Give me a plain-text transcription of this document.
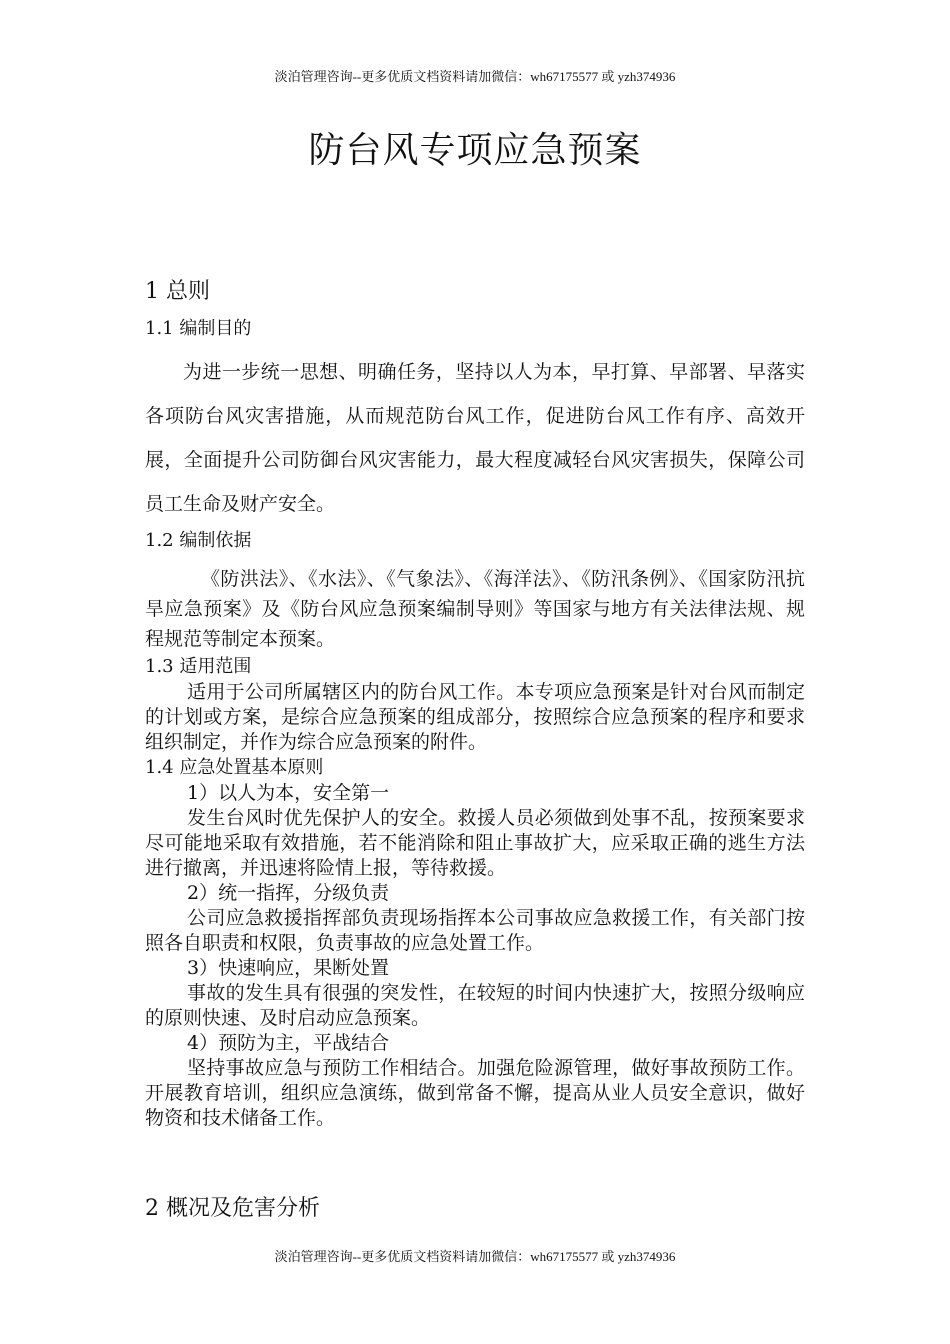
淡泊管理咨询--更多优质文档资料请加微信：wh67175577 或 yzh374936
防台风专项应急预案
1 总则
1.1 编制目的
为进一步统一思想、明确任务，坚持以人为本，早打算、早部署、早落实各项防台风灾害措施，从而规范防台风工作，促进防台风工作有序、高效开展，全面提升公司防御台风灾害能力，最大程度减轻台风灾害损失，保障公司员工生命及财产安全。
1.2 编制依据
《防洪法》、《水法》、《气象法》、《海洋法》、《防汛条例》、《国家防汛抗旱应急预案》及《防台风应急预案编制导则》等国家与地方有关法律法规、规程规范等制定本预案。
1.3 适用范围
适用于公司所属辖区内的防台风工作。本专项应急预案是针对台风而制定的计划或方案，是综合应急预案的组成部分，按照综合应急预案的程序和要求组织制定，并作为综合应急预案的附件。
1.4 应急处置基本原则
1）以人为本，安全第一
发生台风时优先保护人的安全。救援人员必须做到处事不乱，按预案要求尽可能地采取有效措施，若不能消除和阻止事故扩大，应采取正确的逃生方法进行撤离，并迅速将险情上报，等待救援。
2）统一指挥，分级负责
公司应急救援指挥部负责现场指挥本公司事故应急救援工作，有关部门按照各自职责和权限，负责事故的应急处置工作。
3）快速响应，果断处置
事故的发生具有很强的突发性，在较短的时间内快速扩大，按照分级响应的原则快速、及时启动应急预案。
4）预防为主，平战结合
坚持事故应急与预防工作相结合。加强危险源管理，做好事故预防工作。开展教育培训，组织应急演练，做到常备不懈，提高从业人员安全意识，做好物资和技术储备工作。
2 概况及危害分析
淡泊管理咨询--更多优质文档资料请加微信：wh67175577 或 yzh374936
